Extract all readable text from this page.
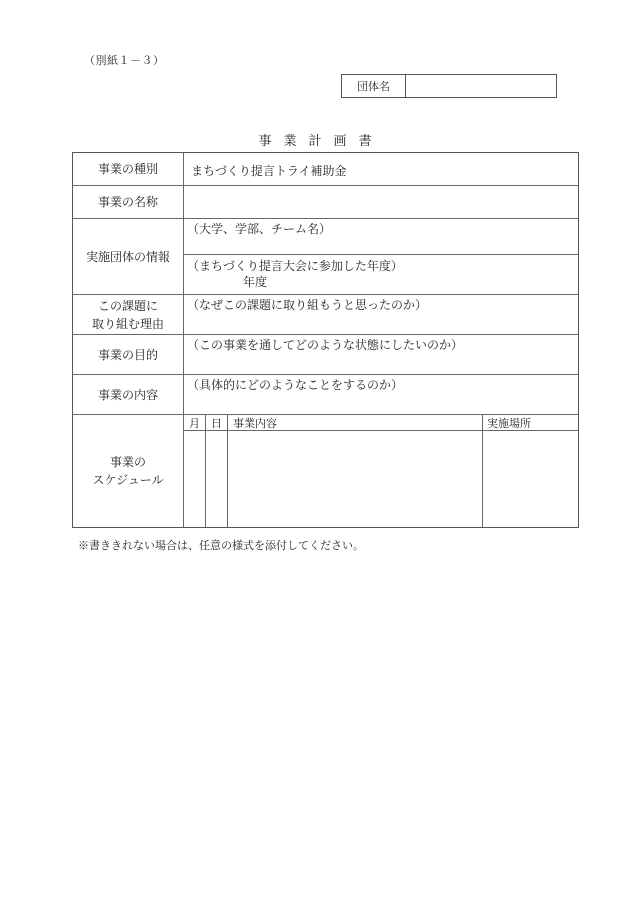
（別紙１－３）
団体名
事業計画書
事業の種別	まちづくり提言トライ補助金
事業の名称
実施団体の情報
（大学、学部、チーム名）
（まちづくり提言大会に参加した年度）
年度
この課題に
取り組む理由
（なぜこの課題に取り組もうと思ったのか）
事業の目的
（この事業を通してどのような状態にしたいのか）
事業の内容
（具体的にどのようなことをするのか）
事業の
スケジュール
月 日 事業内容	実施場所
※書ききれない場合は、任意の様式を添付してください。
